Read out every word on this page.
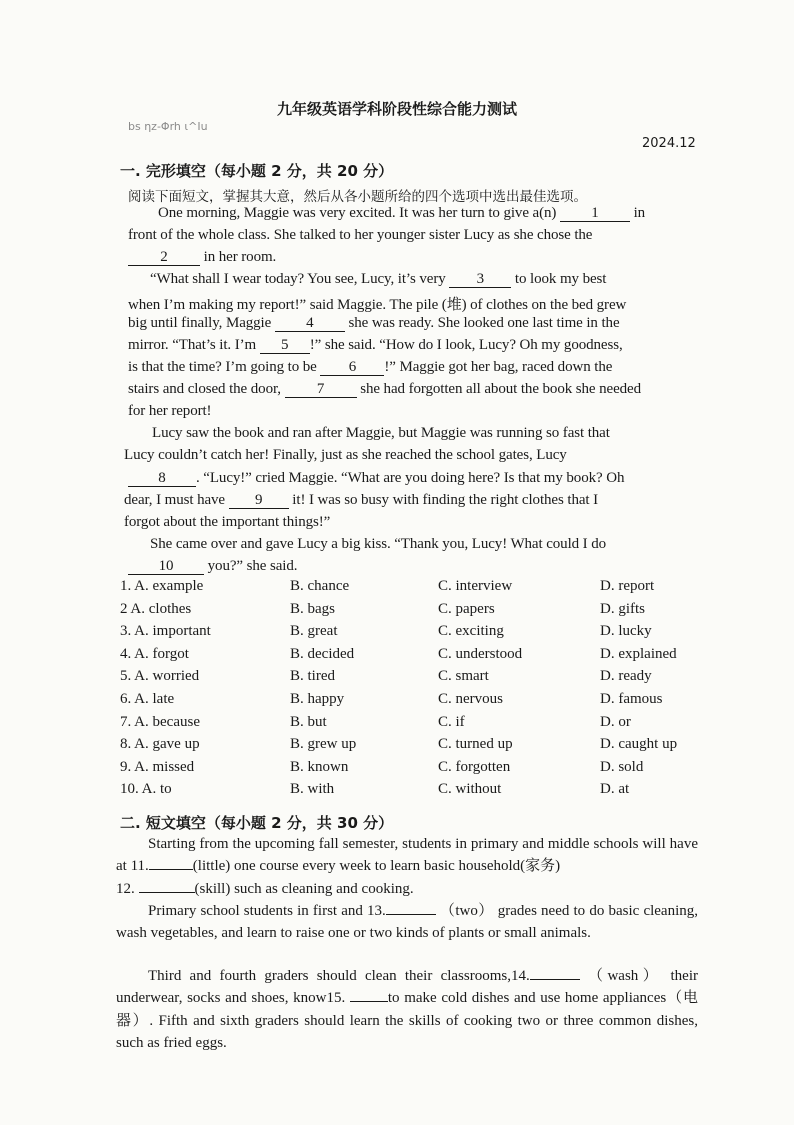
九年级英语学科阶段性综合能力测试
bs ηz-Φrh ι^Ιu
2024.12
一. 完形填空（每小题 2 分，共 20 分）
阅读下面短文，掌握其大意，然后从各小题所给的四个选项中选出最佳选项。
One morning, Maggie was very excited. It was her turn to give a(n) 1 in
front of the whole class. She talked to her younger sister Lucy as she chose the
2 in her room.
“What shall I wear today? You see, Lucy, it’s very 3 to look my best
when I’m making my report!” said Maggie. The pile (堆) of clothes on the bed grew
big until finally, Maggie 4 she was ready. She looked one last time in the
mirror. “That’s it. I’m 5 !” she said. “How do I look, Lucy? Oh my goodness,
is that the time? I’m going to be 6 !” Maggie got her bag, raced down the
stairs and closed the door, 7 she had forgotten all about the book she needed
for her report!
Lucy saw the book and ran after Maggie, but Maggie was running so fast that
Lucy couldn’t catch her! Finally, just as she reached the school gates, Lucy
8 . “Lucy!” cried Maggie. “What are you doing here? Is that my book? Oh
dear, I must have 9 it! I was so busy with finding the right clothes that I
forgot about the important things!”
She came over and gave Lucy a big kiss. “Thank you, Lucy! What could I do
10 you?” she said.
1. A. example	B. chance	C. interview	D. report
2 A. clothes	B. bags	C. papers	D. gifts
3. A. important	B. great	C. exciting	D. lucky
4. A. forgot	B. decided	C. understood	D. explained
5. A. worried	B. tired	C. smart	D. ready
6. A. late	B. happy	C. nervous	D. famous
7. A. because	B. but	C. if	D. or
8. A. gave up	B. grew up	C. turned up	D. caught up
9. A. missed	B. known	C. forgotten	D. sold
10. A. to	B. with	C. without	D. at
二. 短文填空（每小题 2 分，共 30 分）
Starting from the upcoming fall semester, students in primary and middle schools will have at 11.	(little) one course every week to learn basic household(家务)
12.	(skill) such as cleaning and cooking.
Primary school students in first and 13.	（two） grades need to do basic cleaning, wash vegetables, and learn to raise one or two kinds of plants or small animals.
Third and fourth graders should clean their classrooms,14.	（wash） their underwear, socks and shoes, know15.	to make cold dishes and use home appliances（电器）. Fifth and sixth graders should learn the skills of cooking two or three common dishes, such as fried eggs.
